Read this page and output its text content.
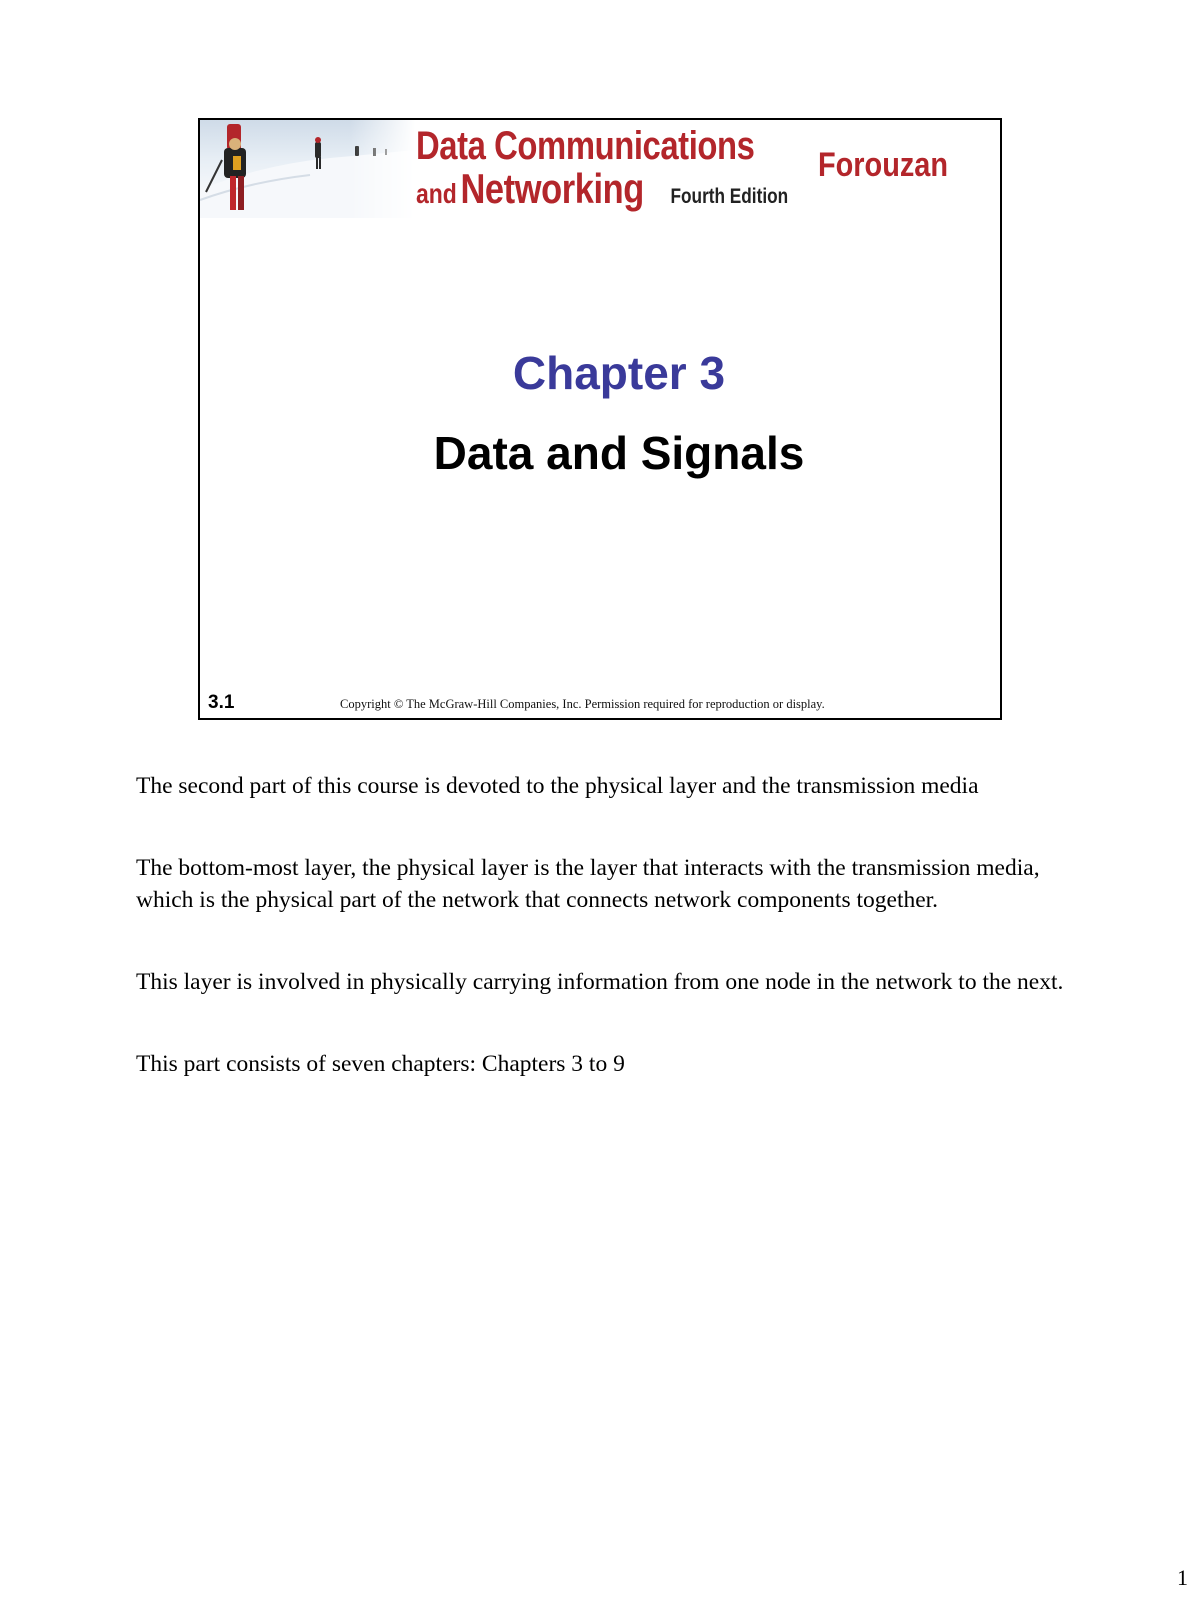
Data Communications
and Networking Fourth Edition
Forouzan
Chapter 3
Data and Signals
3.1	Copyright © The McGraw-Hill Companies, Inc. Permission required for reproduction or display.

The second part of this course is devoted to the physical layer and the transmission media

The bottom-most layer, the physical layer is the layer that interacts with the transmission media, which is the physical part of the network that connects network components together.

This layer is involved in physically carrying information from one node in the network to the next.

This part consists of seven chapters: Chapters 3 to 9

1
